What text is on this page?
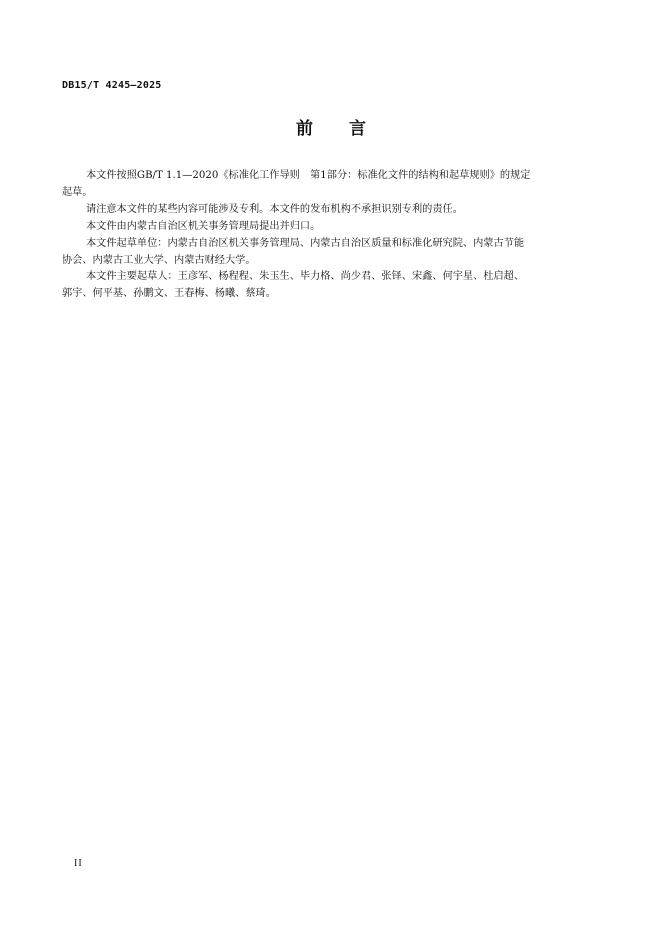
DB15/T 4245—2025
前言

本文件按照GB/T 1.1—2020《标准化工作导则　第1部分：标准化文件的结构和起草规则》的规定
起草。

请注意本文件的某些内容可能涉及专利。本文件的发布机构不承担识别专利的责任。

本文件由内蒙古自治区机关事务管理局提出并归口。

本文件起草单位：内蒙古自治区机关事务管理局、内蒙古自治区质量和标准化研究院、内蒙古节能
协会、内蒙古工业大学、内蒙古财经大学。

本文件主要起草人：王彦军、杨程程、朱玉生、毕力格、尚少君、张铎、宋鑫、何宇星、杜启超、
郭宇、何平基、孙鹏文、王春梅、杨曦、蔡琦。

II
